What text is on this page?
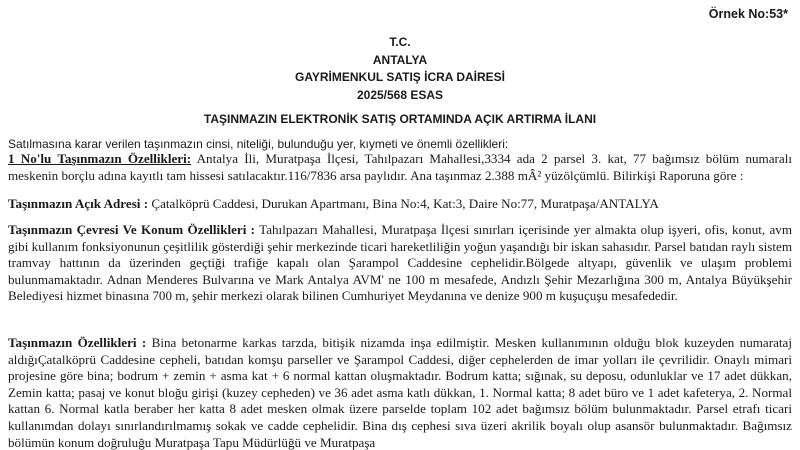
Örnek No:53*
T.C.
ANTALYA
GAYRİMENKUL SATIŞ İCRA DAİRESİ
2025/568 ESAS
TAŞINMAZIN ELEKTRONİK SATIŞ ORTAMINDA AÇIK ARTIRMA İLANI
Satılmasına karar verilen taşınmazın cinsi, niteliği, bulunduğu yer, kıymeti ve önemli özellikleri:

1 No'lu Taşınmazın Özellikleri: Antalya İli, Muratpaşa İlçesi, Tahılpazarı Mahallesi,3334 ada 2 parsel 3. kat, 77 bağımsız bölüm numaralı meskenin borçlu adına kayıtlı tam hissesi satılacaktır.116/7836 arsa paylıdır. Ana taşınmaz 2.388 mÂ² yüzölçümlü. Bilirkişi Raporuna göre :

Taşınmazın Açık Adresi : Çatalköprü Caddesi, Durukan Apartmanı, Bina No:4, Kat:3, Daire No:77, Muratpaşa/ANTALYA

Taşınmazın Çevresi Ve Konum Özellikleri : Tahılpazarı Mahallesi, Muratpaşa İlçesi sınırları içerisinde yer almakta olup işyeri, ofis, konut, avm gibi kullanım fonksiyonunun çeşitlilik gösterdiği şehir merkezinde ticari hareketliliğin yoğun yaşandığı bir iskan sahasıdır. Parsel batıdan raylı sistem tramvay hattının da üzerinden geçtiği trafiğe kapalı olan Şarampol Caddesine cephelidir.Bölgede altyapı, güvenlik ve ulaşım problemi bulunmamaktadır. Adnan Menderes Bulvarına ve Mark Antalya AVM' ne 100 m mesafede, Andızlı Şehir Mezarlığına 300 m, Antalya Büyükşehir Belediyesi hizmet binasına 700 m, şehir merkezi olarak bilinen Cumhuriyet Meydanına ve denize 900 m kuşuçuşu mesafededir.

Taşınmazın Özellikleri : Bina betonarme karkas tarzda, bitişik nizamda inşa edilmiştir. Mesken kullanımının olduğu blok kuzeyden numarataj aldığıÇatalköprü Caddesine cepheli, batıdan komşu parseller ve Şarampol Caddesi, diğer cephelerden de imar yolları ile çevrilidir. Onaylı mimari projesine göre bina; bodrum + zemin + asma kat + 6 normal kattan oluşmaktadır. Bodrum katta; sığınak, su deposu, odunluklar ve 17 adet dükkan, Zemin katta; pasaj ve konut bloğu girişi (kuzey cepheden) ve 36 adet asma katlı dükkan, 1. Normal katta; 8 adet büro ve 1 adet kafeterya, 2. Normal kattan 6. Normal katla beraber her katta 8 adet mesken olmak üzere parselde toplam 102 adet bağımsız bölüm bulunmaktadır. Parsel etrafı ticari kullanımdan dolayı sınırlandırılmamış sokak ve cadde cephelidir. Bina dış cephesi sıva üzeri akrilik boyalı olup asansör bulunmaktadır. Bağımsız bölümün konum doğruluğu Muratpaşa Tapu Müdürlüğü ve Muratpaşa
